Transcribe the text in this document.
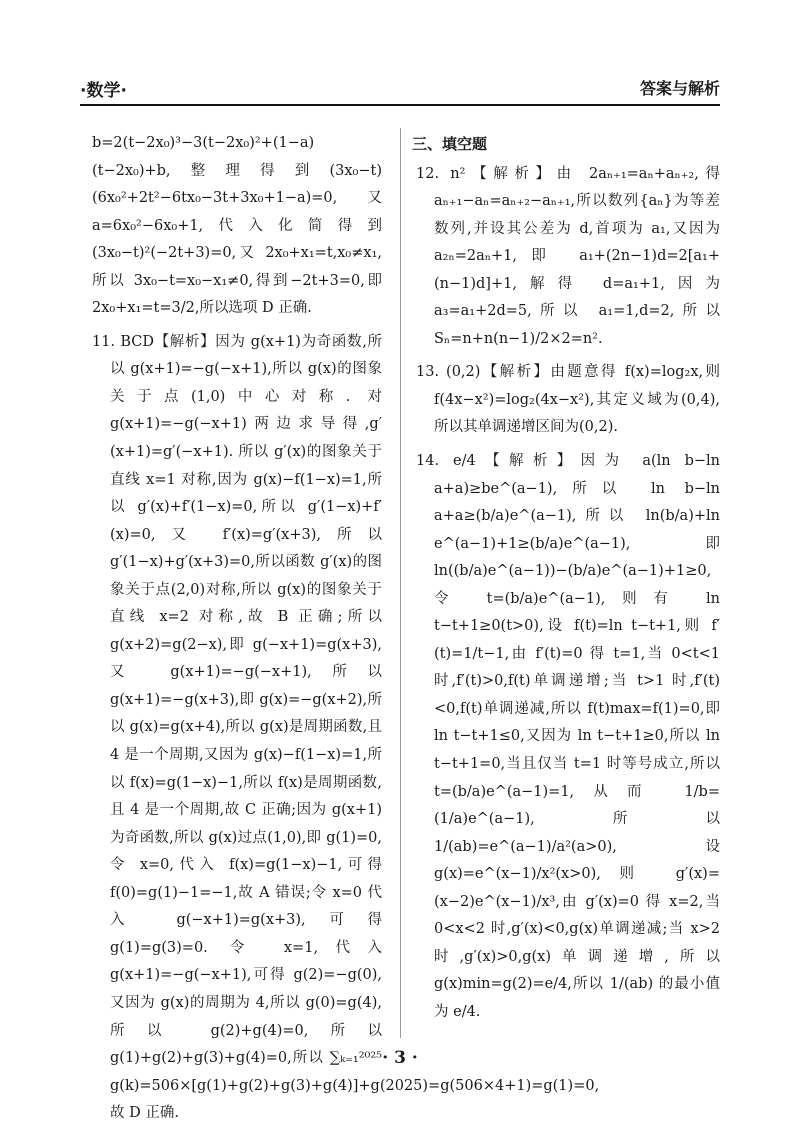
·数学·	答案与解析

b=2(t−2x₀)³−3(t−2x₀)²+(1−a)(t−2x₀)+b,整理得到(3x₀−t)(6x₀²+2t²−6tx₀−3t+3x₀+1−a)=0,又 a=6x₀²−6x₀+1,代入化简得到(3x₀−t)²(−2t+3)=0,又 2x₀+x₁=t,x₀≠x₁,所以 3x₀−t=x₀−x₁≠0,得到−2t+3=0,即 2x₀+x₁=t=3/2,所以选项 D 正确.

11. BCD【解析】因为 g(x+1)为奇函数,所以 g(x+1)=−g(−x+1),所以 g(x)的图象关于点(1,0)中心对称. 对 g(x+1)=−g(−x+1)两边求导得,g′(x+1)=g′(−x+1). 所以 g′(x)的图象关于直线 x=1 对称,因为 g(x)−f(1−x)=1,所以 g′(x)+f′(1−x)=0,所以 g′(1−x)+f′(x)=0,又 f′(x)=g′(x+3),所以 g′(1−x)+g′(x+3)=0,所以函数 g′(x)的图象关于点(2,0)对称,所以 g(x)的图象关于直线 x=2 对称,故 B 正确;所以 g(x+2)=g(2−x),即 g(−x+1)=g(x+3),又 g(x+1)=−g(−x+1),所以 g(x+1)=−g(x+3),即 g(x)=−g(x+2),所以 g(x)=g(x+4),所以 g(x)是周期函数,且 4 是一个周期,又因为 g(x)−f(1−x)=1,所以 f(x)=g(1−x)−1,所以 f(x)是周期函数,且 4 是一个周期,故 C 正确;因为 g(x+1)为奇函数,所以 g(x)过点(1,0),即 g(1)=0,令 x=0,代入 f(x)=g(1−x)−1,可得 f(0)=g(1)−1=−1,故 A 错误;令 x=0 代入 g(−x+1)=g(x+3),可得 g(1)=g(3)=0. 令 x=1,代入 g(x+1)=−g(−x+1),可得 g(2)=−g(0),又因为 g(x)的周期为 4,所以 g(0)=g(4),所以 g(2)+g(4)=0,所以 g(1)+g(2)+g(3)+g(4)=0,所以 ∑ₖ₌₁²⁰²⁵ g(k)=506×[g(1)+g(2)+g(3)+g(4)]+g(2025)=g(506×4+1)=g(1)=0,故 D 正确.

三、填空题

12. n²【解析】由 2aₙ₊₁=aₙ+aₙ₊₂,得 aₙ₊₁−aₙ=aₙ₊₂−aₙ₊₁,所以数列{aₙ}为等差数列,并设其公差为 d,首项为 a₁,又因为 a₂ₙ=2aₙ+1,即 a₁+(2n−1)d=2[a₁+(n−1)d]+1,解得 d=a₁+1,因为 a₃=a₁+2d=5,所以 a₁=1,d=2,所以 Sₙ=n+n(n−1)/2×2=n².

13. (0,2)【解析】由题意得 f(x)=log₂x,则 f(4x−x²)=log₂(4x−x²),其定义域为(0,4),所以其单调递增区间为(0,2).

14. e/4【解析】因为 a(ln b−ln a+a)≥be^(a−1),所以 ln b−ln a+a≥(b/a)e^(a−1),所以 ln(b/a)+ln e^(a−1)+1≥(b/a)e^(a−1),即 ln((b/a)e^(a−1))−(b/a)e^(a−1)+1≥0,令 t=(b/a)e^(a−1),则有 ln t−t+1≥0(t>0),设 f(t)=ln t−t+1,则 f′(t)=1/t−1,由 f′(t)=0 得 t=1,当 0<t<1 时,f′(t)>0,f(t)单调递增;当 t>1 时,f′(t)<0,f(t)单调递减,所以 f(t)max=f(1)=0,即 ln t−t+1≤0,又因为 ln t−t+1≥0,所以 ln t−t+1=0,当且仅当 t=1 时等号成立,所以 t=(b/a)e^(a−1)=1,从而 1/b=(1/a)e^(a−1),所以 1/(ab)=e^(a−1)/a²(a>0),设 g(x)=e^(x−1)/x²(x>0),则 g′(x)=(x−2)e^(x−1)/x³,由 g′(x)=0 得 x=2,当 0<x<2 时,g′(x)<0,g(x)单调递减;当 x>2 时,g′(x)>0,g(x)单调递增,所以 g(x)min=g(2)=e/4,所以 1/(ab) 的最小值为 e/4.

· 3 ·
